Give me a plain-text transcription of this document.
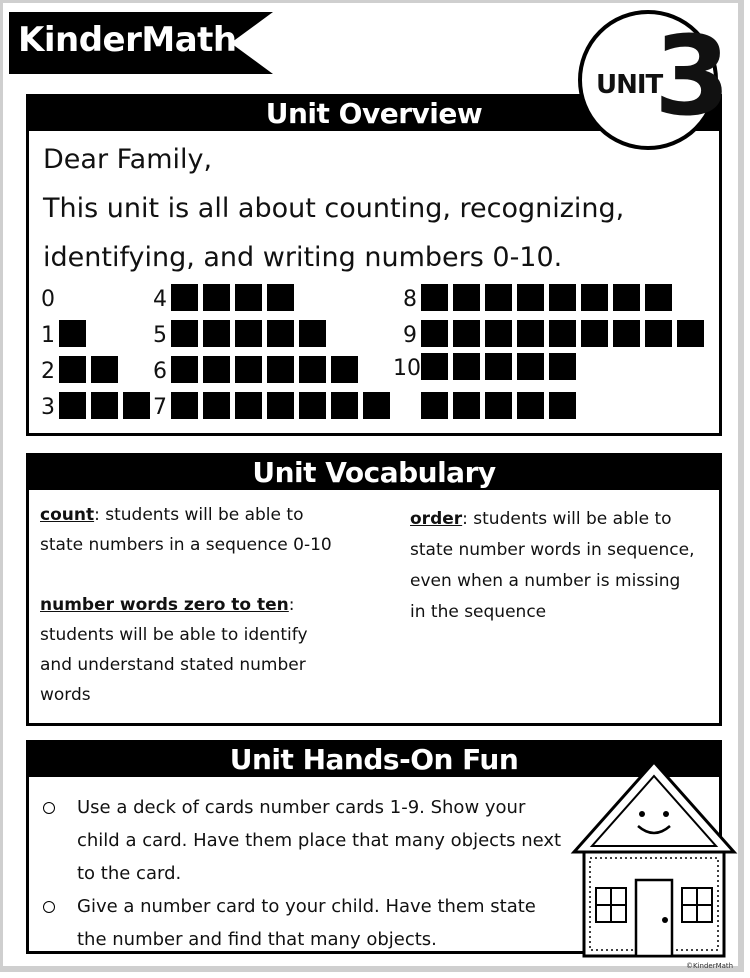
KinderMath
UNIT
3
Unit Overview

Dear Family,

This unit is all about counting, recognizing,

identifying, and writing numbers 0-10.

0
1
2
3
4
5
6
7
8
9
10
Unit Vocabulary

count: students will be able to state numbers in a sequence 0-10

number words zero to ten: students will be able to identify and understand stated number words

order: students will be able to state number words in sequence, even when a number is missing in the sequence

Unit Hands-On Fun
Use a deck of cards number cards 1-9. Show your child a card. Have them place that many objects next to the card.
Give a number card to your child. Have them state the number and find that many objects.
©KinderMath
